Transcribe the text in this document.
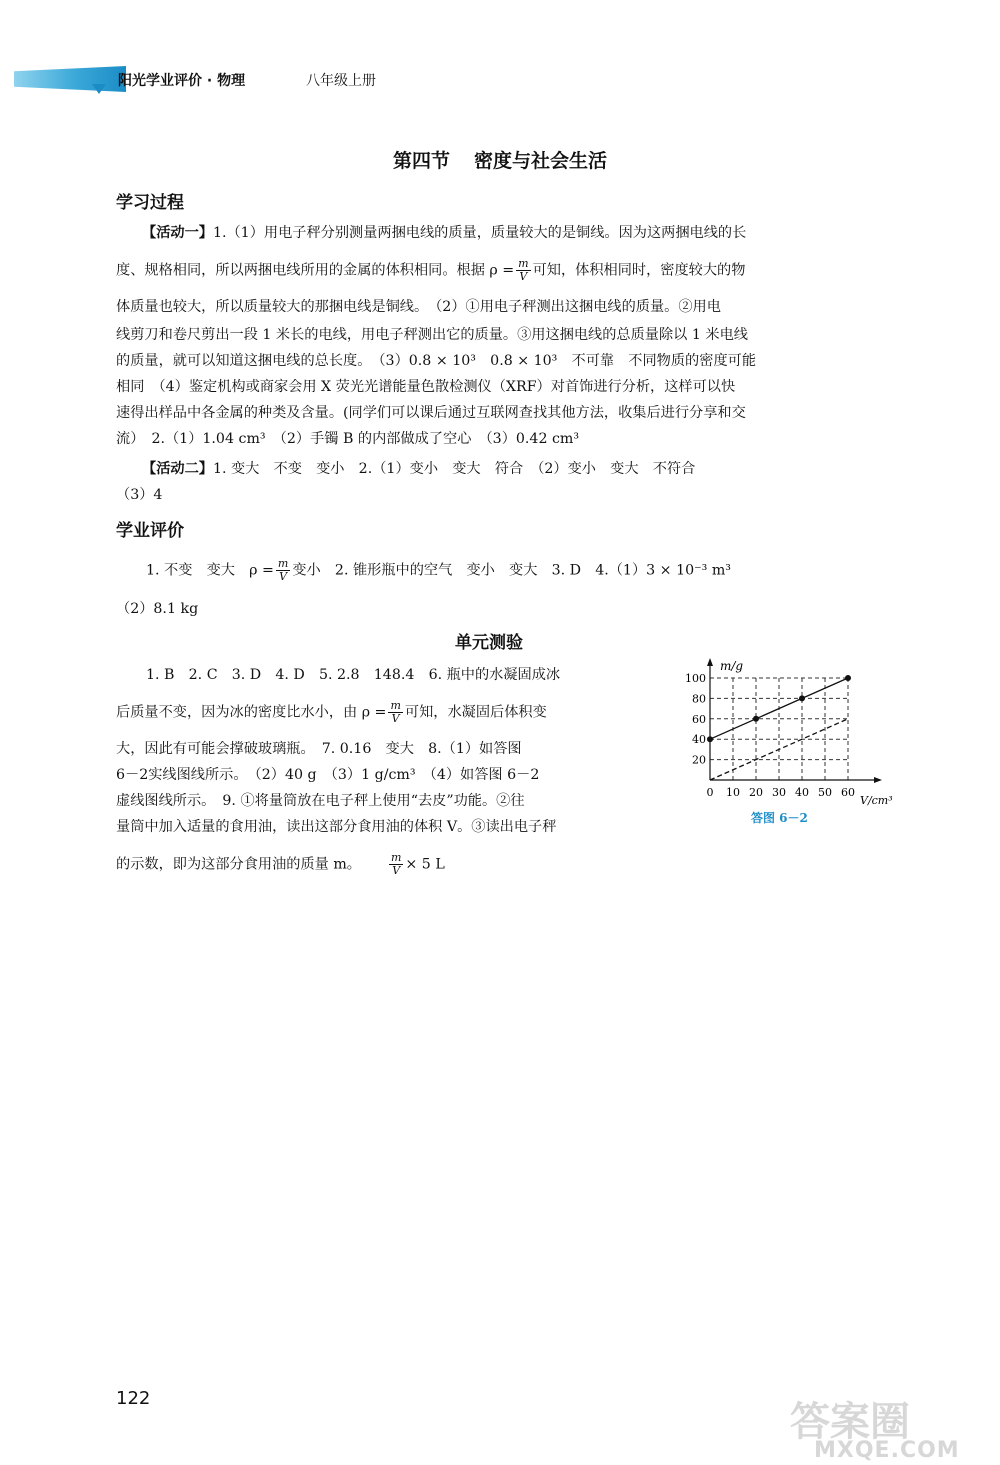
阳光学业评价 · 物理	八年级上册
第四节 密度与社会生活
学习过程
【活动一】1.（1）用电子秤分别测量两捆电线的质量，质量较大的是铜线。因为这两捆电线的长
度、规格相同，所以两捆电线所用的金属的体积相同。根据 $\rho = \frac{m}{V}$ 可知，体积相同时，密度较大的物
体质量也较大，所以质量较大的那捆电线是铜线。　（2）①用电子秤测出这捆电线的质量。②用电
线剪刀和卷尺剪出一段 1 米长的电线，用电子秤测出它的质量。③用这捆电线的总质量除以 1 米电线
的质量，就可以知道这捆电线的总长度。　（3）0.8 × 10³　0.8 × 10³　不可靠　不同物质的密度可能
相同　（4）鉴定机构或商家会用 X 荧光光谱能量色散检测仪（XRF）对首饰进行分析，这样可以快
速得出样品中各金属的种类及含量。(同学们可以课后通过互联网查找其他方法，收集后进行分享和交
流）　2.（1）1.04 cm³　（2）手镯 B 的内部做成了空心　（3）0.42 cm³
【活动二】1. 变大　不变　变小　2.（1）变小　变大　符合　（2）变小　变大　不符合
（3）4
学业评价
1. 不变　变大　$\rho = \frac{m}{V}$ 变小　2. 锥形瓶中的空气　变小　变大　3. D　4.（1）3 × 10⁻³ m³
（2）8.1 kg
单元测验
1. B　2. C　3. D　4. D　5. 2.8　148.4　6. 瓶中的水凝固成冰
后质量不变，因为冰的密度比水小，由 $\rho = \frac{m}{V}$ 可知，水凝固后体积变
大，因此有可能会撑破玻璃瓶。　7. 0.16　变大　8.（1）如答图
6－2实线图线所示。　（2）40 g　（3）1 g/cm³　（4）如答图 6－2
虚线图线所示。　9. ①将量筒放在电子秤上使用“去皮”功能。②往
量筒中加入适量的食用油，读出这部分食用油的体积 V。③读出电子秤
的示数，即为这部分食用油的质量 m。	$\frac{m}{V} \times 5$ L
0 10 20 30 40 50 60
20
40
60
80
100
m/g
V/cm³
答图 6－2
122
答案圈
MXQE.COM
